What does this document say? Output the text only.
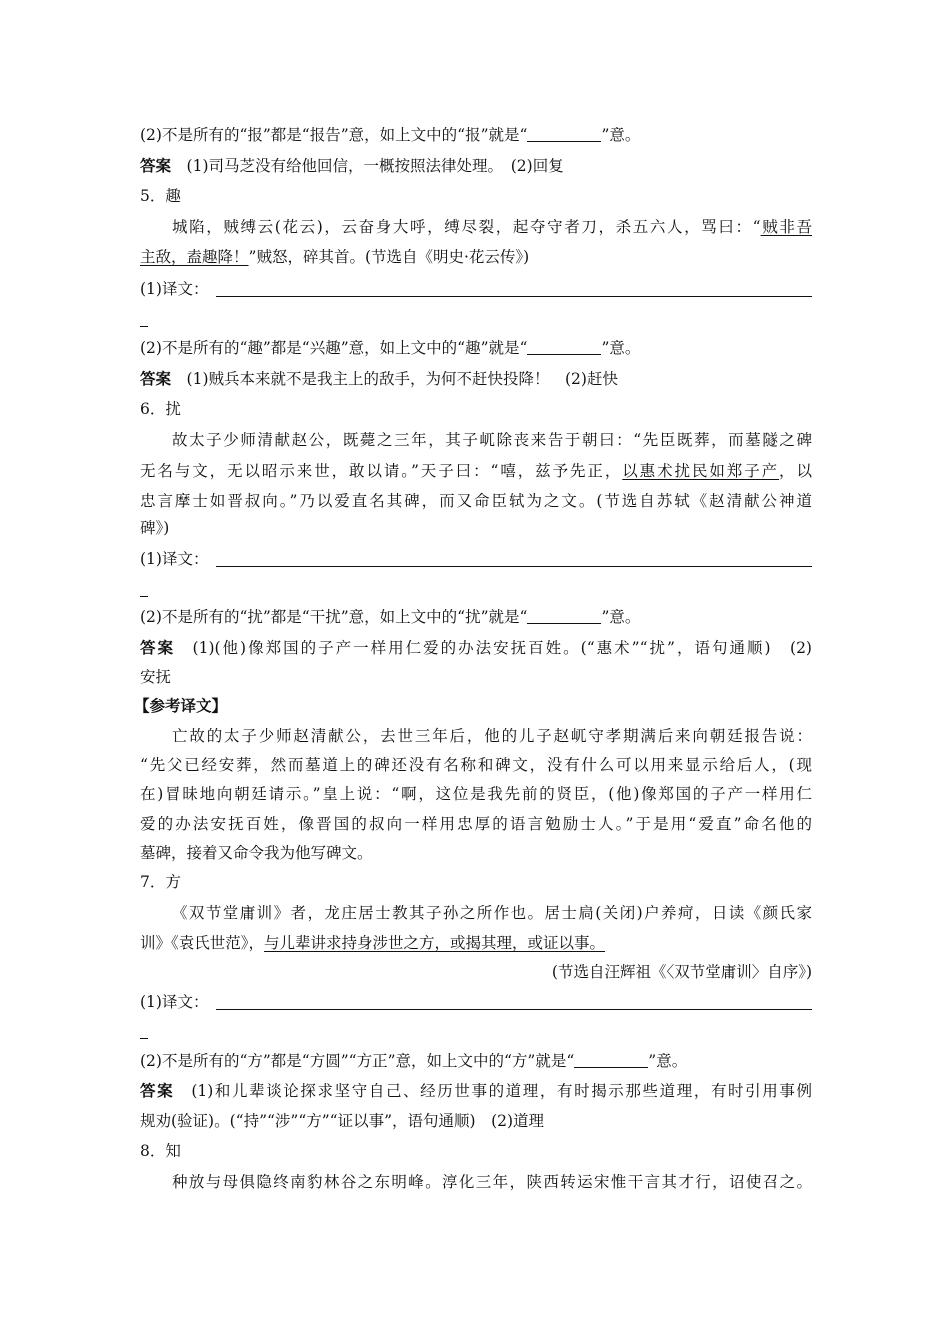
(2)不是所有的“报”都是“报告”意，如上文中的“报”就是“	”意。
答案　 (1)司马芝没有给他回信，一概按照法律处理。　(2)回复
5．趣
城陷，贼缚云(花云)，云奋身大呼，缚尽裂，起夺守者刀，杀五六人，骂曰：“贼非吾
主敌，盍趣降！”贼怒，碎其首。(节选自《明史·花云传》)
(1)译文：
(2)不是所有的“趣”都是“兴趣”意，如上文中的“趣”就是“	”意。
答案　 (1)贼兵本来就不是我主上的敌手，为何不赶快投降！　(2)赶快
6．扰
故太子少师清献赵公，既薨之三年，其子屼除丧来告于朝曰：“先臣既葬，而墓隧之碑
无名与文，无以昭示来世，敢以请。”天子曰：“嘻，兹予先正，以惠术扰民如郑子产，以
忠言摩士如晋叔向。”乃以爱直名其碑，而又命臣轼为之文。(节选自苏轼《赵清献公神道
碑》)
(1)译文：
(2)不是所有的“扰”都是“干扰”意，如上文中的“扰”就是“	”意。
答案　 (1)(他)像郑国的子产一样用仁爱的办法安抚百姓。(“惠术”“扰”，语句通顺)　(2)
安抚
【参考译文】
亡故的太子少师赵清献公，去世三年后，他的儿子赵屼守孝期满后来向朝廷报告说：
“先父已经安葬，然而墓道上的碑还没有名称和碑文，没有什么可以用来显示给后人，(现
在)冒昧地向朝廷请示。”皇上说：“啊，这位是我先前的贤臣，(他)像郑国的子产一样用仁
爱的办法安抚百姓，像晋国的叔向一样用忠厚的语言勉励士人。”于是用“爱直”命名他的
墓碑，接着又命令我为他写碑文。
7．方
《双节堂庸训》者，龙庄居士教其子孙之所作也。居士扃(关闭)户养疴，日读《颜氏家
训》《袁氏世范》，与儿辈讲求持身涉世之方，或揭其理，或证以事。
(节选自汪辉祖《〈双节堂庸训〉自序》)
(1)译文：
(2)不是所有的“方”都是“方圆”“方正”意，如上文中的“方”就是“	”意。
答案　 (1)和儿辈谈论探求坚守自己、经历世事的道理，有时揭示那些道理，有时引用事例
规劝(验证)。(“持”“涉”“方”“证以事”，语句通顺)　(2)道理
8．知
种放与母俱隐终南豹林谷之东明峰。淳化三年，陕西转运宋惟干言其才行，诏使召之。
